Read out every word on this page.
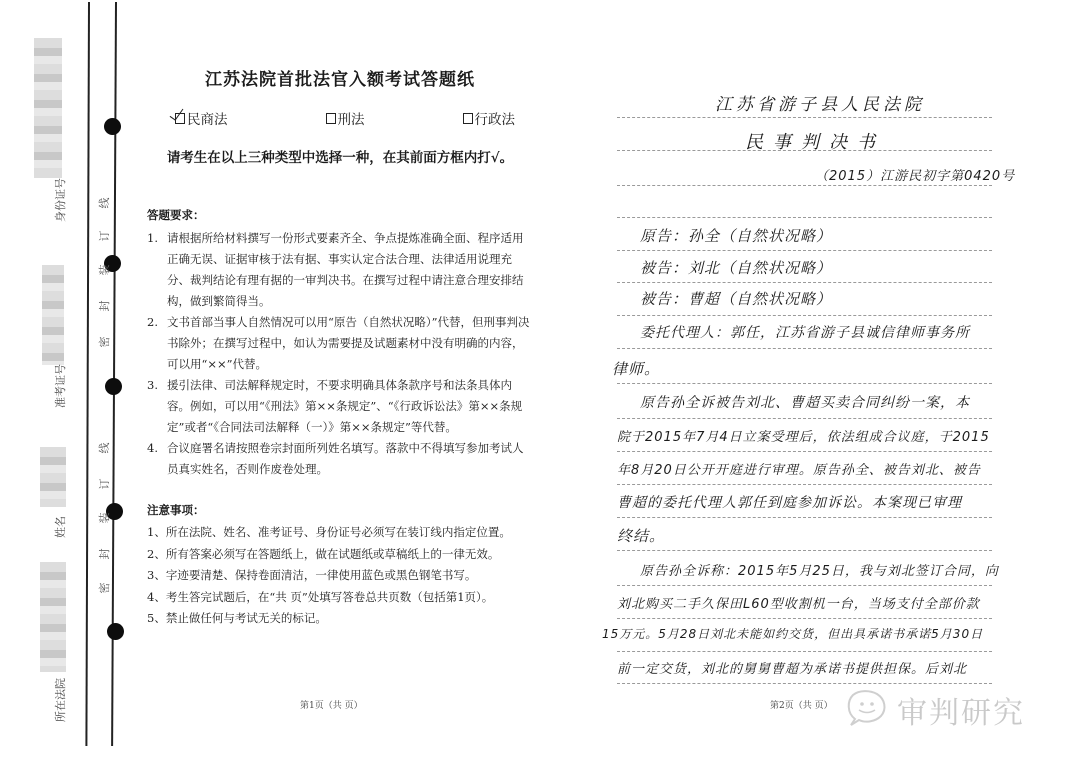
线
订
装
封
密
线
订
装
封
密
身份证号
准考证号
姓名
所在法院
江苏法院首批法官入额考试答题纸
民商法	刑法	行政法
请考生在以上三种类型中选择一种，在其前面方框内打√。
答题要求：
1. 请根据所给材料撰写一份形式要素齐全、争点提炼准确全面、程序适用正确无误、证据审核于法有据、事实认定合法合理、法律适用说理充分、裁判结论有理有据的一审判决书。在撰写过程中请注意合理安排结构，做到繁简得当。
2. 文书首部当事人自然情况可以用“原告（自然状况略）”代替，但刑事判决书除外；在撰写过程中，如认为需要提及试题素材中没有明确的内容，可以用“××”代替。
3. 援引法律、司法解释规定时，不要求明确具体条款序号和法条具体内容。例如，可以用“《刑法》第××条规定”、“《行政诉讼法》第××条规定”或者“《合同法司法解释（一）》第××条规定”等代替。
4. 合议庭署名请按照卷宗封面所列姓名填写。落款中不得填写参加考试人员真实姓名，否则作废卷处理。
注意事项：
1、所在法院、姓名、准考证号、身份证号必须写在装订线内指定位置。
2、所有答案必须写在答题纸上，做在试题纸或草稿纸上的一律无效。
3、字迹要清楚、保持卷面清洁，一律使用蓝色或黑色钢笔书写。
4、考生答完试题后，在“共 页”处填写答卷总共页数（包括第1页）。
5、禁止做任何与考试无关的标记。
第1页（共 页）
江苏省游子县人民法院
民事判决书
（2015）江游民初字第0420号
原告：孙全（自然状况略）
被告：刘北（自然状况略）
被告：曹超（自然状况略）
委托代理人：郭任，江苏省游子县诚信律师事务所
律师。
原告孙全诉被告刘北、曹超买卖合同纠纷一案，本
院于2015年7月4日立案受理后，依法组成合议庭，于2015
年8月20日公开开庭进行审理。原告孙全、被告刘北、被告
曹超的委托代理人郭任到庭参加诉讼。本案现已审理
终结。
原告孙全诉称：2015年5月25日，我与刘北签订合同，向
刘北购买二手久保田L60型收割机一台，当场支付全部价款
15万元。5月28日刘北未能如约交货，但出具承诺书承诺5月30日
前一定交货，刘北的舅舅曹超为承诺书提供担保。后刘北
第2页（共 页） 审判研究
